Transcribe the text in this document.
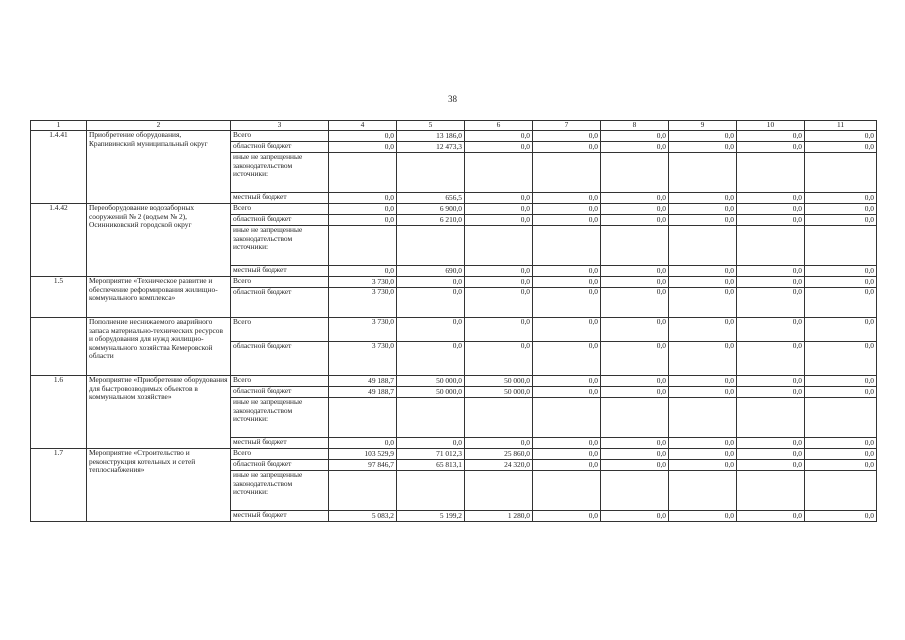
38
1	2	3	4	5	6	7	8	9	10	11
1.4.41	Приобретение оборудования, Крапивинский муниципальный округ	Всего	0,0	13 186,0	0,0	0,0	0,0	0,0	0,0	0,0
		областной бюджет	0,0	12 473,3	0,0	0,0	0,0	0,0	0,0	0,0
		иные не запрещенные законодательством источники:								
		местный бюджет	0,0	656,5	0,0	0,0	0,0	0,0	0,0	0,0
1.4.42	Переоборудование водозаборных сооружений № 2 (водъем № 2), Осинниковский городской округ	Всего	0,0	6 900,0	0,0	0,0	0,0	0,0	0,0	0,0
		областной бюджет	0,0	6 210,0	0,0	0,0	0,0	0,0	0,0	0,0
		иные не запрещенные законодательством источники:								
		местный бюджет	0,0	690,0	0,0	0,0	0,0	0,0	0,0	0,0
1.5	Мероприятие «Техническое развитие и обеспечение реформирования жилищно-коммунального комплекса»	Всего	3 730,0	0,0	0,0	0,0	0,0	0,0	0,0	0,0
		областной бюджет	3 730,0	0,0	0,0	0,0	0,0	0,0	0,0	0,0
	Пополнение неснижаемого аварийного запаса материально-технических ресурсов и оборудования для нужд жилищно-коммунального хозяйства Кемеровской области	Всего	3 730,0	0,0	0,0	0,0	0,0	0,0	0,0	0,0
		областной бюджет	3 730,0	0,0	0,0	0,0	0,0	0,0	0,0	0,0
1.6	Мероприятие «Приобретение оборудования для быстровозводимых объектов в коммунальном хозяйстве»	Всего	49 188,7	50 000,0	50 000,0	0,0	0,0	0,0	0,0	0,0
		областной бюджет	49 188,7	50 000,0	50 000,0	0,0	0,0	0,0	0,0	0,0
		иные не запрещенные законодательством источники:								
		местный бюджет	0,0	0,0	0,0	0,0	0,0	0,0	0,0	0,0
1.7	Мероприятие «Строительство и реконструкция котельных и сетей теплоснабжения»	Всего	103 529,9	71 012,3	25 860,0	0,0	0,0	0,0	0,0	0,0
		областной бюджет	97 846,7	65 813,1	24 320,0	0,0	0,0	0,0	0,0	0,0
		иные не запрещенные законодательством источники:								
		местный бюджет	5 083,2	5 199,2	1 280,0	0,0	0,0	0,0	0,0	0,0
